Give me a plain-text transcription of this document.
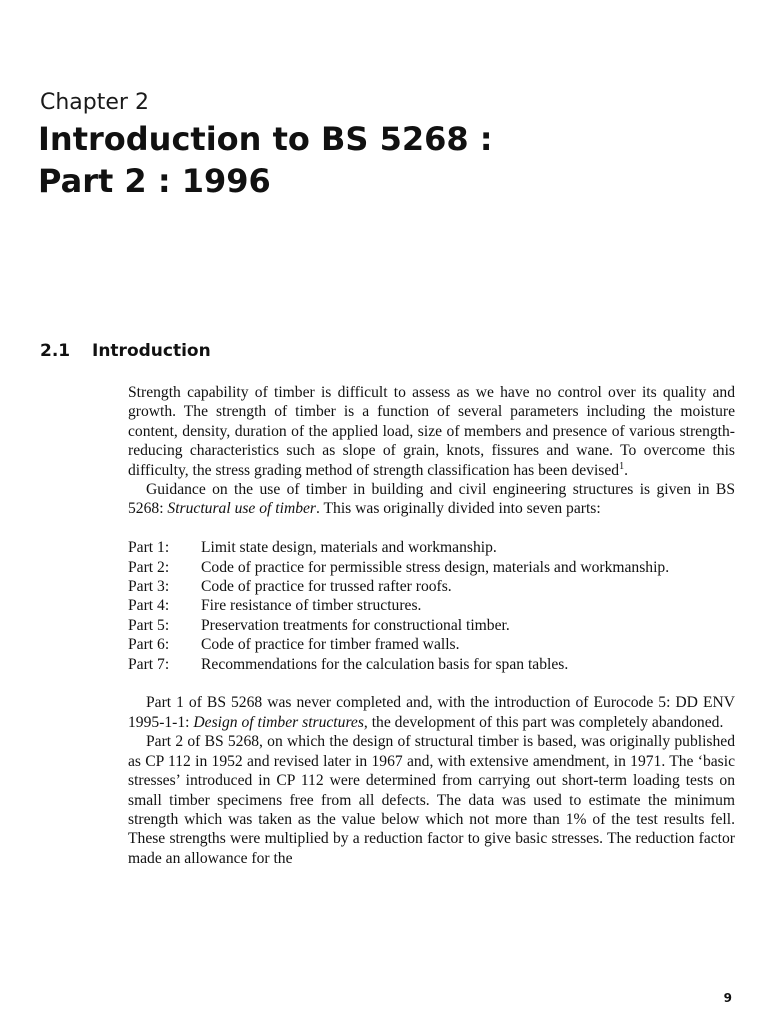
Chapter 2
Introduction to BS 5268 :
Part 2 : 1996
2.1 Introduction

Strength capability of timber is difficult to assess as we have no control over its quality and growth. The strength of timber is a function of several parameters including the moisture content, density, duration of the applied load, size of members and presence of various strength-reducing characteristics such as slope of grain, knots, fissures and wane. To overcome this difficulty, the stress grading method of strength classification has been devised$^1$.

Guidance on the use of timber in building and civil engineering structures is given in BS 5268: Structural use of timber. This was originally divided into seven parts:

Part 1:	Limit state design, materials and workmanship.
Part 2:	Code of practice for permissible stress design, materials and workmanship.
Part 3:	Code of practice for trussed rafter roofs.
Part 4:	Fire resistance of timber structures.
Part 5:	Preservation treatments for constructional timber.
Part 6:	Code of practice for timber framed walls.
Part 7:	Recommendations for the calculation basis for span tables.

Part 1 of BS 5268 was never completed and, with the introduction of Eurocode 5: DD ENV 1995-1-1: Design of timber structures, the development of this part was completely abandoned.

Part 2 of BS 5268, on which the design of structural timber is based, was originally published as CP 112 in 1952 and revised later in 1967 and, with extensive amendment, in 1971. The ‘basic stresses’ introduced in CP 112 were determined from carrying out short-term loading tests on small timber specimens free from all defects. The data was used to estimate the minimum strength which was taken as the value below which not more than 1% of the test results fell. These strengths were multiplied by a reduction factor to give basic stresses. The reduction factor made an allowance for the

9
